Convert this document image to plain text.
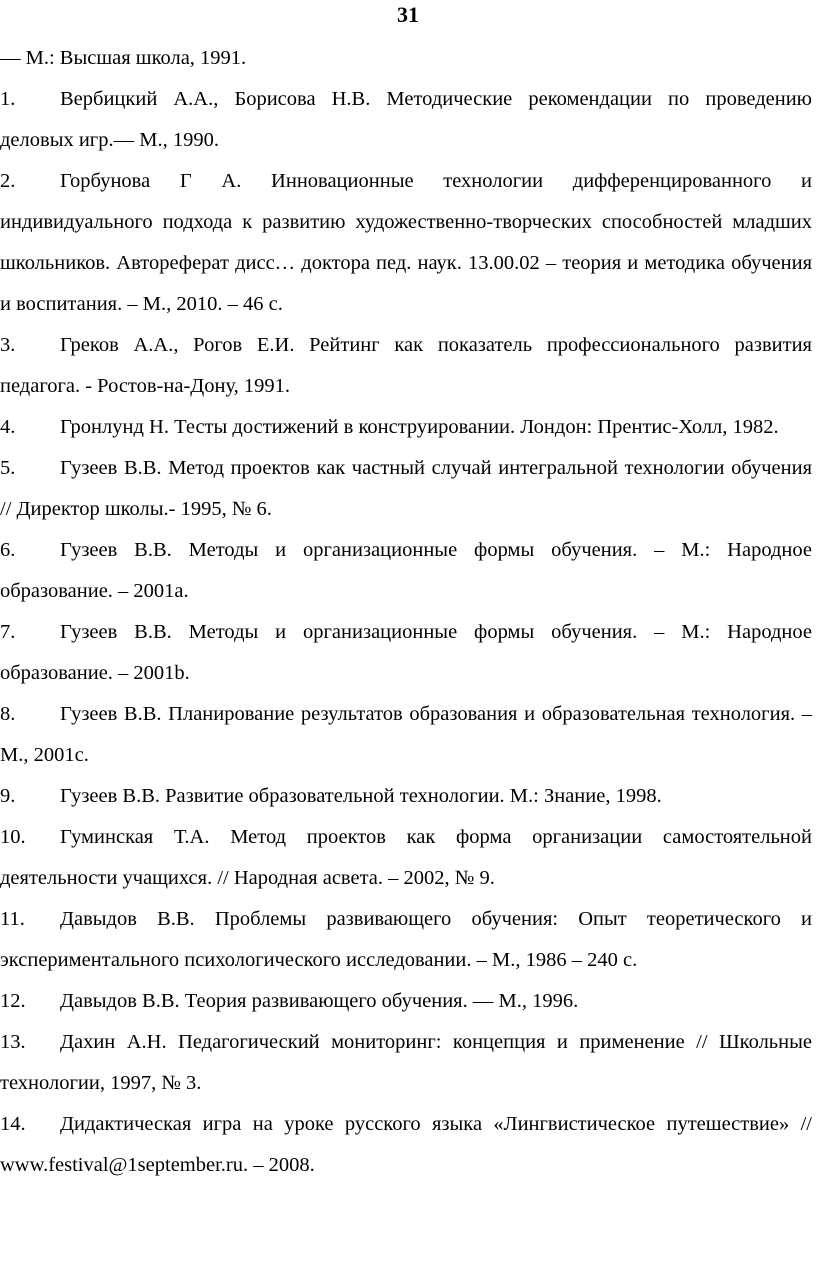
31

— М.: Высшая школа, 1991.

1. Вербицкий А.А., Борисова Н.В. Методические рекомендации по проведению деловых игр.— М., 1990.

2. Горбунова Г А. Инновационные технологии дифференцированного и индивидуального подхода к развитию художественно-творческих способностей младших школьников. Автореферат дисс… доктора пед. наук. 13.00.02 – теория и методика обучения и воспитания. – М., 2010. – 46 с.

3. Греков А.А., Рогов Е.И. Рейтинг как показатель профессионального развития педагога. - Ростов-на-Дону, 1991.

4. Гронлунд Н. Тесты достижений в конструировании. Лондон: Прентис-Холл, 1982.

5. Гузеев В.В. Метод проектов как частный случай интегральной технологии обучения // Директор школы.- 1995, № 6.

6. Гузеев В.В. Методы и организационные формы обучения. – М.: Народное образование. – 2001a.

7. Гузеев В.В. Методы и организационные формы обучения. – М.: Народное образование. – 2001b.

8. Гузеев В.В. Планирование результатов образования и образовательная технология. – М., 2001c.

9. Гузеев В.В. Развитие образовательной технологии. М.: Знание, 1998.

10. Гуминская Т.А. Метод проектов как форма организации самостоятельной деятельности учащихся. // Народная асвета. – 2002, № 9.

11. Давыдов В.В. Проблемы развивающего обучения: Опыт теоретического и экспериментального психологического исследовании. – М., 1986 – 240 с.

12. Давыдов В.В. Теория развивающего обучения. — М., 1996.

13. Дахин А.Н. Педагогический мониторинг: концепция и применение // Школьные технологии, 1997, № 3.

14. Дидактическая игра на уроке русского языка «Лингвистическое путешествие» // www.festival@1september.ru. – 2008.
